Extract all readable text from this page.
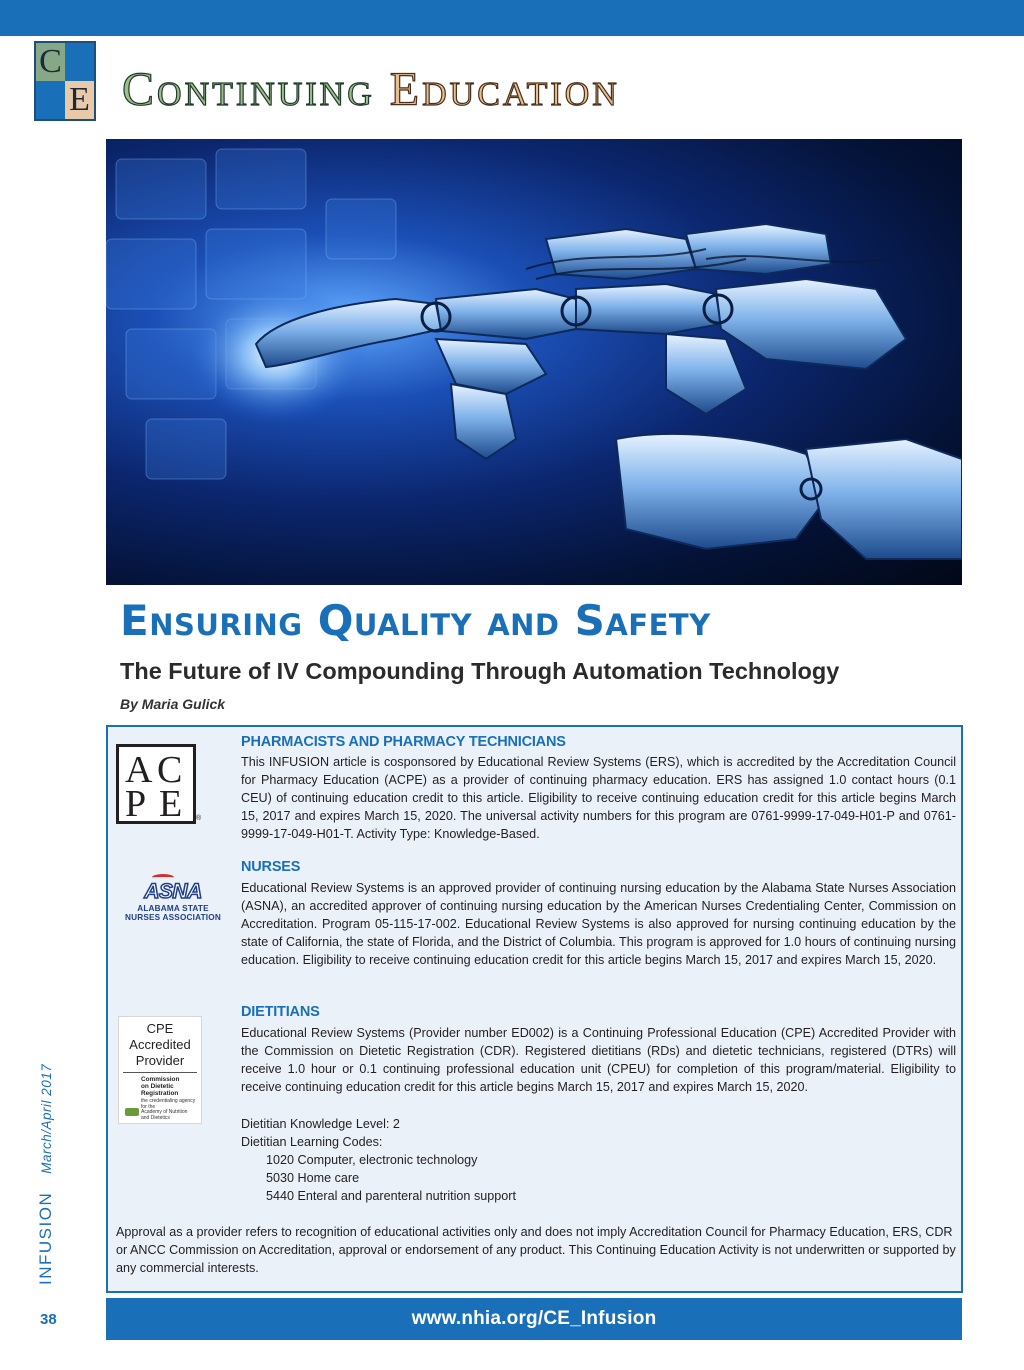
C
E Continuing Education
Ensuring Quality and Safety
The Future of IV Compounding Through Automation Technology
By Maria Gulick
A C
P E ®
PHARMACISTS AND PHARMACY TECHNICIANS
This INFUSION article is cosponsored by Educational Review Systems (ERS), which is accredited by the Accreditation Council for Pharmacy Education (ACPE) as a provider of continuing pharmacy education. ERS has assigned 1.0 contact hours (0.1 CEU) of continuing education credit to this article. Eligibility to receive continuing education credit for this article begins March 15, 2017 and expires March 15, 2020. The universal activity numbers for this program are 0761-9999-17-049-H01-P and 0761-9999-17-049-H01-T. Activity Type: Knowledge-Based.
ASNA
ALABAMA STATE
NURSES ASSOCIATION
NURSES
Educational Review Systems is an approved provider of continuing nursing education by the Alabama State Nurses Association (ASNA), an accredited approver of continuing nursing education by the American Nurses Credentialing Center, Commission on Accreditation. Program 05-115-17-002. Educational Review Systems is also approved for nursing continuing education by the state of California, the state of Florida, and the District of Columbia. This program is approved for 1.0 hours of continuing nursing education. Eligibility to receive continuing education credit for this article begins March 15, 2017 and expires March 15, 2020.
CPE
Accredited
Provider
Commission
on Dietetic
Registration
the credentialing agency for the
Academy of Nutrition
and Dietetics
DIETITIANS
Educational Review Systems (Provider number ED002) is a Continuing Professional Education (CPE) Accredited Provider with the Commission on Dietetic Registration (CDR). Registered dietitians (RDs) and dietetic technicians, registered (DTRs) will receive 1.0 hour or 0.1 continuing professional education unit (CPEU) for completion of this program/material. Eligibility to receive continuing education credit for this article begins March 15, 2017 and expires March 15, 2020.
Dietitian Knowledge Level: 2
Dietitian Learning Codes:
1020 Computer, electronic technology
5030 Home care
5440 Enteral and parenteral nutrition support
Approval as a provider refers to recognition of educational activities only and does not imply Accreditation Council for Pharmacy Education, ERS, CDR or ANCC Commission on Accreditation, approval or endorsement of any product. This Continuing Education Activity is not underwritten or supported by any commercial interests.
INFUSIONMarch/April 2017
38	www.nhia.org/CE_Infusion
